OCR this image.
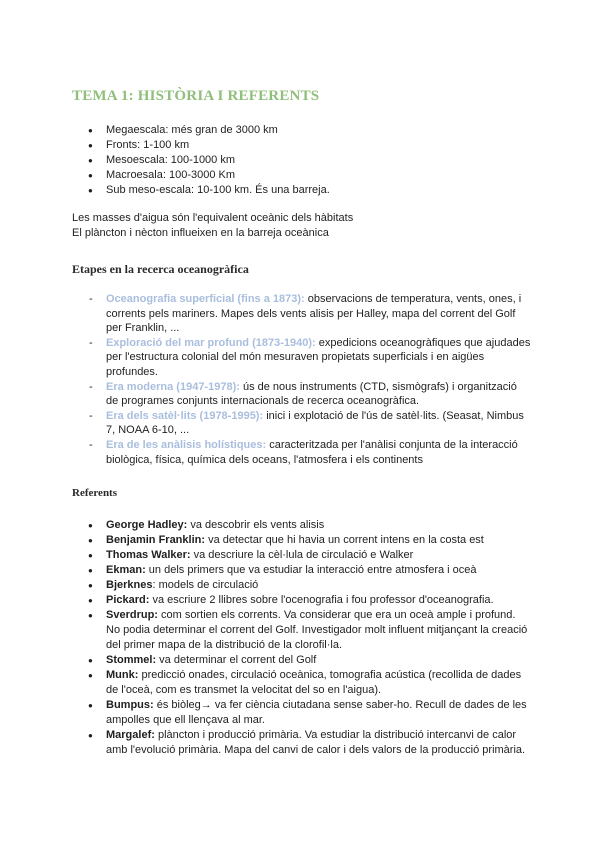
TEMA 1: HISTÒRIA I REFERENTS
● Megaescala: més gran de 3000 km
● Fronts: 1-100 km
● Mesoescala: 100-1000 km
● Macroesala: 100-3000 Km
● Sub meso-escala: 10-100 km. És una barreja.

Les masses d'aigua són l'equivalent oceànic dels hàbitats

El plàncton i nècton influeixen en la barreja oceànica

Etapes en la recerca oceanogràfica
- Oceanografia superficial (fins a 1873): observacions de temperatura, vents, ones, i corrents pels mariners. Mapes dels vents alisis per Halley, mapa del corrent del Golf per Franklin, ...
- Exploració del mar profund (1873-1940): expedicions oceanogràfiques que ajudades per l'estructura colonial del món mesuraven propietats superficials i en aigües profundes.
- Era moderna (1947-1978): ús de nous instruments (CTD, sismògrafs) i organització de programes conjunts internacionals de recerca oceanogràfica.
- Era dels satèl·lits (1978-1995): inici i explotació de l'ús de satèl·lits. (Seasat, Nimbus 7, NOAA 6-10, ...
- Era de les anàlisis holístiques: caracteritzada per l'anàlisi conjunta de la interacció biològica, física, química dels oceans, l'atmosfera i els continents
Referents
● George Hadley: va descobrir els vents alisis
● Benjamin Franklin: va detectar que hi havia un corrent intens en la costa est
● Thomas Walker: va descriure la cèl·lula de circulació e Walker
● Ekman: un dels primers que va estudiar la interacció entre atmosfera i oceà
● Bjerknes: models de circulació
● Pickard: va escriure 2 llibres sobre l'ocenografia i fou professor d'oceanografia.
● Sverdrup: com sortien els corrents. Va considerar que era un oceà ample i profund. No podia determinar el corrent del Golf. Investigador molt influent mitjançant la creació del primer mapa de la distribució de la clorofil·la.
● Stommel: va determinar el corrent del Golf
● Munk: predicció onades, circulació oceànica, tomografia acústica (recollida de dades de l'oceà, com es transmet la velocitat del so en l'aigua).
● Bumpus: és biòleg→ va fer ciència ciutadana sense saber-ho. Recull de dades de les ampolles que ell llençava al mar.
● Margalef: plàncton i producció primària. Va estudiar la distribució intercanvi de calor amb l'evolució primària. Mapa del canvi de calor i dels valors de la producció primària.
